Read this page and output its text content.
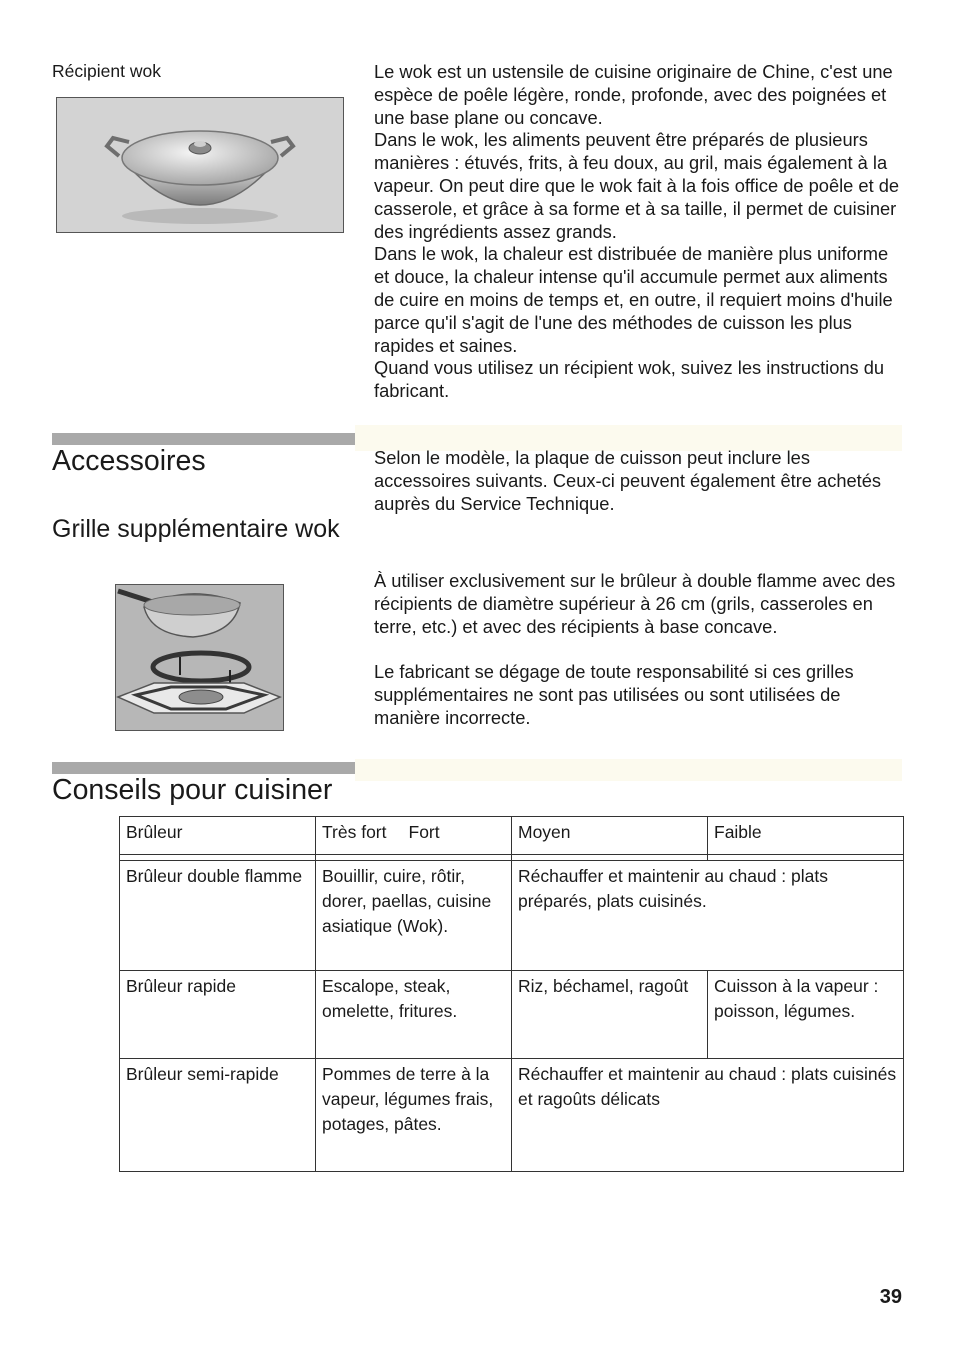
Récipient wok	Le wok est un ustensile de cuisine originaire de Chine, c'est une espèce de poêle légère, ronde, profonde, avec des poignées et une base plane ou concave.

Dans le wok, les aliments peuvent être préparés de plusieurs manières : étuvés, frits, à feu doux, au gril, mais également à la vapeur. On peut dire que le wok fait à la fois office de poêle et de casserole, et grâce à sa forme et à sa taille, il permet de cuisiner des ingrédients assez grands.

Dans le wok, la chaleur est distribuée de manière plus uniforme et douce, la chaleur intense qu'il accumule permet aux aliments de cuire en moins de temps et, en outre, il requiert moins d'huile parce qu'il s'agit de l'une des méthodes de cuisson les plus rapides et saines.

Quand vous utilisez un récipient wok, suivez les instructions du fabricant.

Accessoires	Selon le modèle, la plaque de cuisson peut inclure les accessoires suivants. Ceux-ci peuvent également être achetés auprès du Service Technique.
Grille supplémentaire wok

À utiliser exclusivement sur le brûleur à double flamme avec des récipients de diamètre supérieur à 26 cm (grils, casseroles en terre, etc.) et avec des récipients à base concave.

Le fabricant se dégage de toute responsabilité si ces grilles supplémentaires ne sont pas utilisées ou sont utilisées de manière incorrecte.

Conseils pour cuisiner
Brûleur	Très fort Fort	Moyen	Faible

Brûleur double flamme	Bouillir, cuire, rôtir, dorer, paellas, cuisine asiatique (Wok).	Réchauffer et maintenir au chaud : plats préparés, plats cuisinés.	
Brûleur rapide	Escalope, steak, omelette, fritures.	Riz, béchamel, ragoût	Cuisson à la vapeur : poisson, légumes.
Brûleur semi-rapide	Pommes de terre à la vapeur, légumes frais, potages, pâtes.	Réchauffer et maintenir au chaud : plats cuisinés et ragoûts délicats	
39
